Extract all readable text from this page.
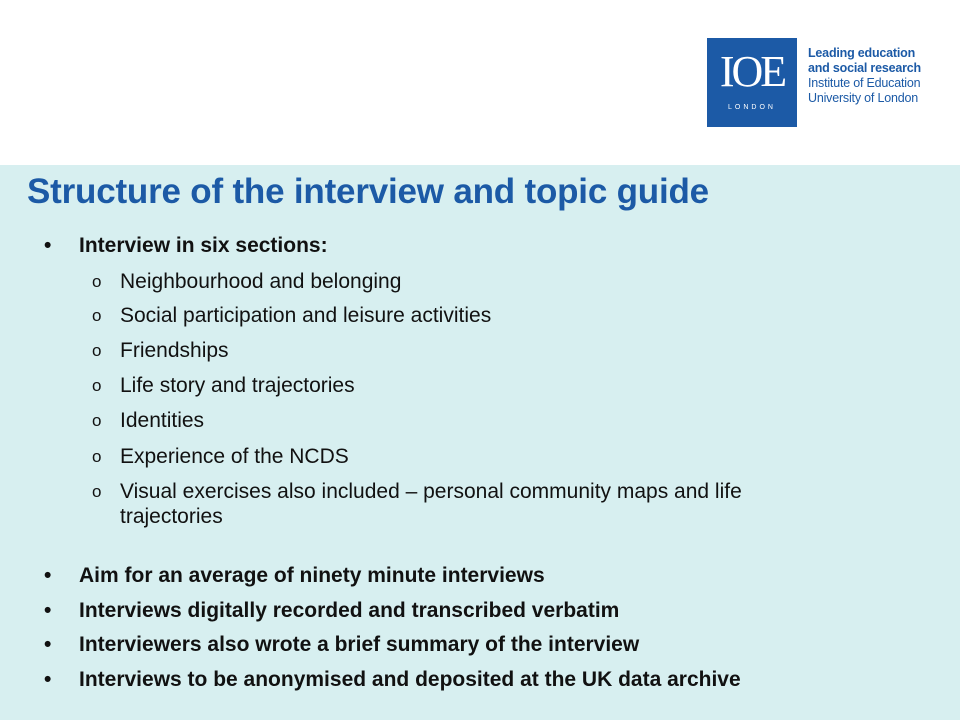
IOE
LONDON
Leading education
and social research
Institute of Education
University of London
Structure of the interview and topic guide
• Interview in six sections:
o Neighbourhood and belonging
o Social participation and leisure activities
o Friendships
o Life story and trajectories
o Identities
o Experience of the NCDS
o Visual exercises also included – personal community maps and life
trajectories
• Aim for an average of ninety minute interviews
• Interviews digitally recorded and transcribed verbatim
• Interviewers also wrote a brief summary of the interview
• Interviews to be anonymised and deposited at the UK data archive
